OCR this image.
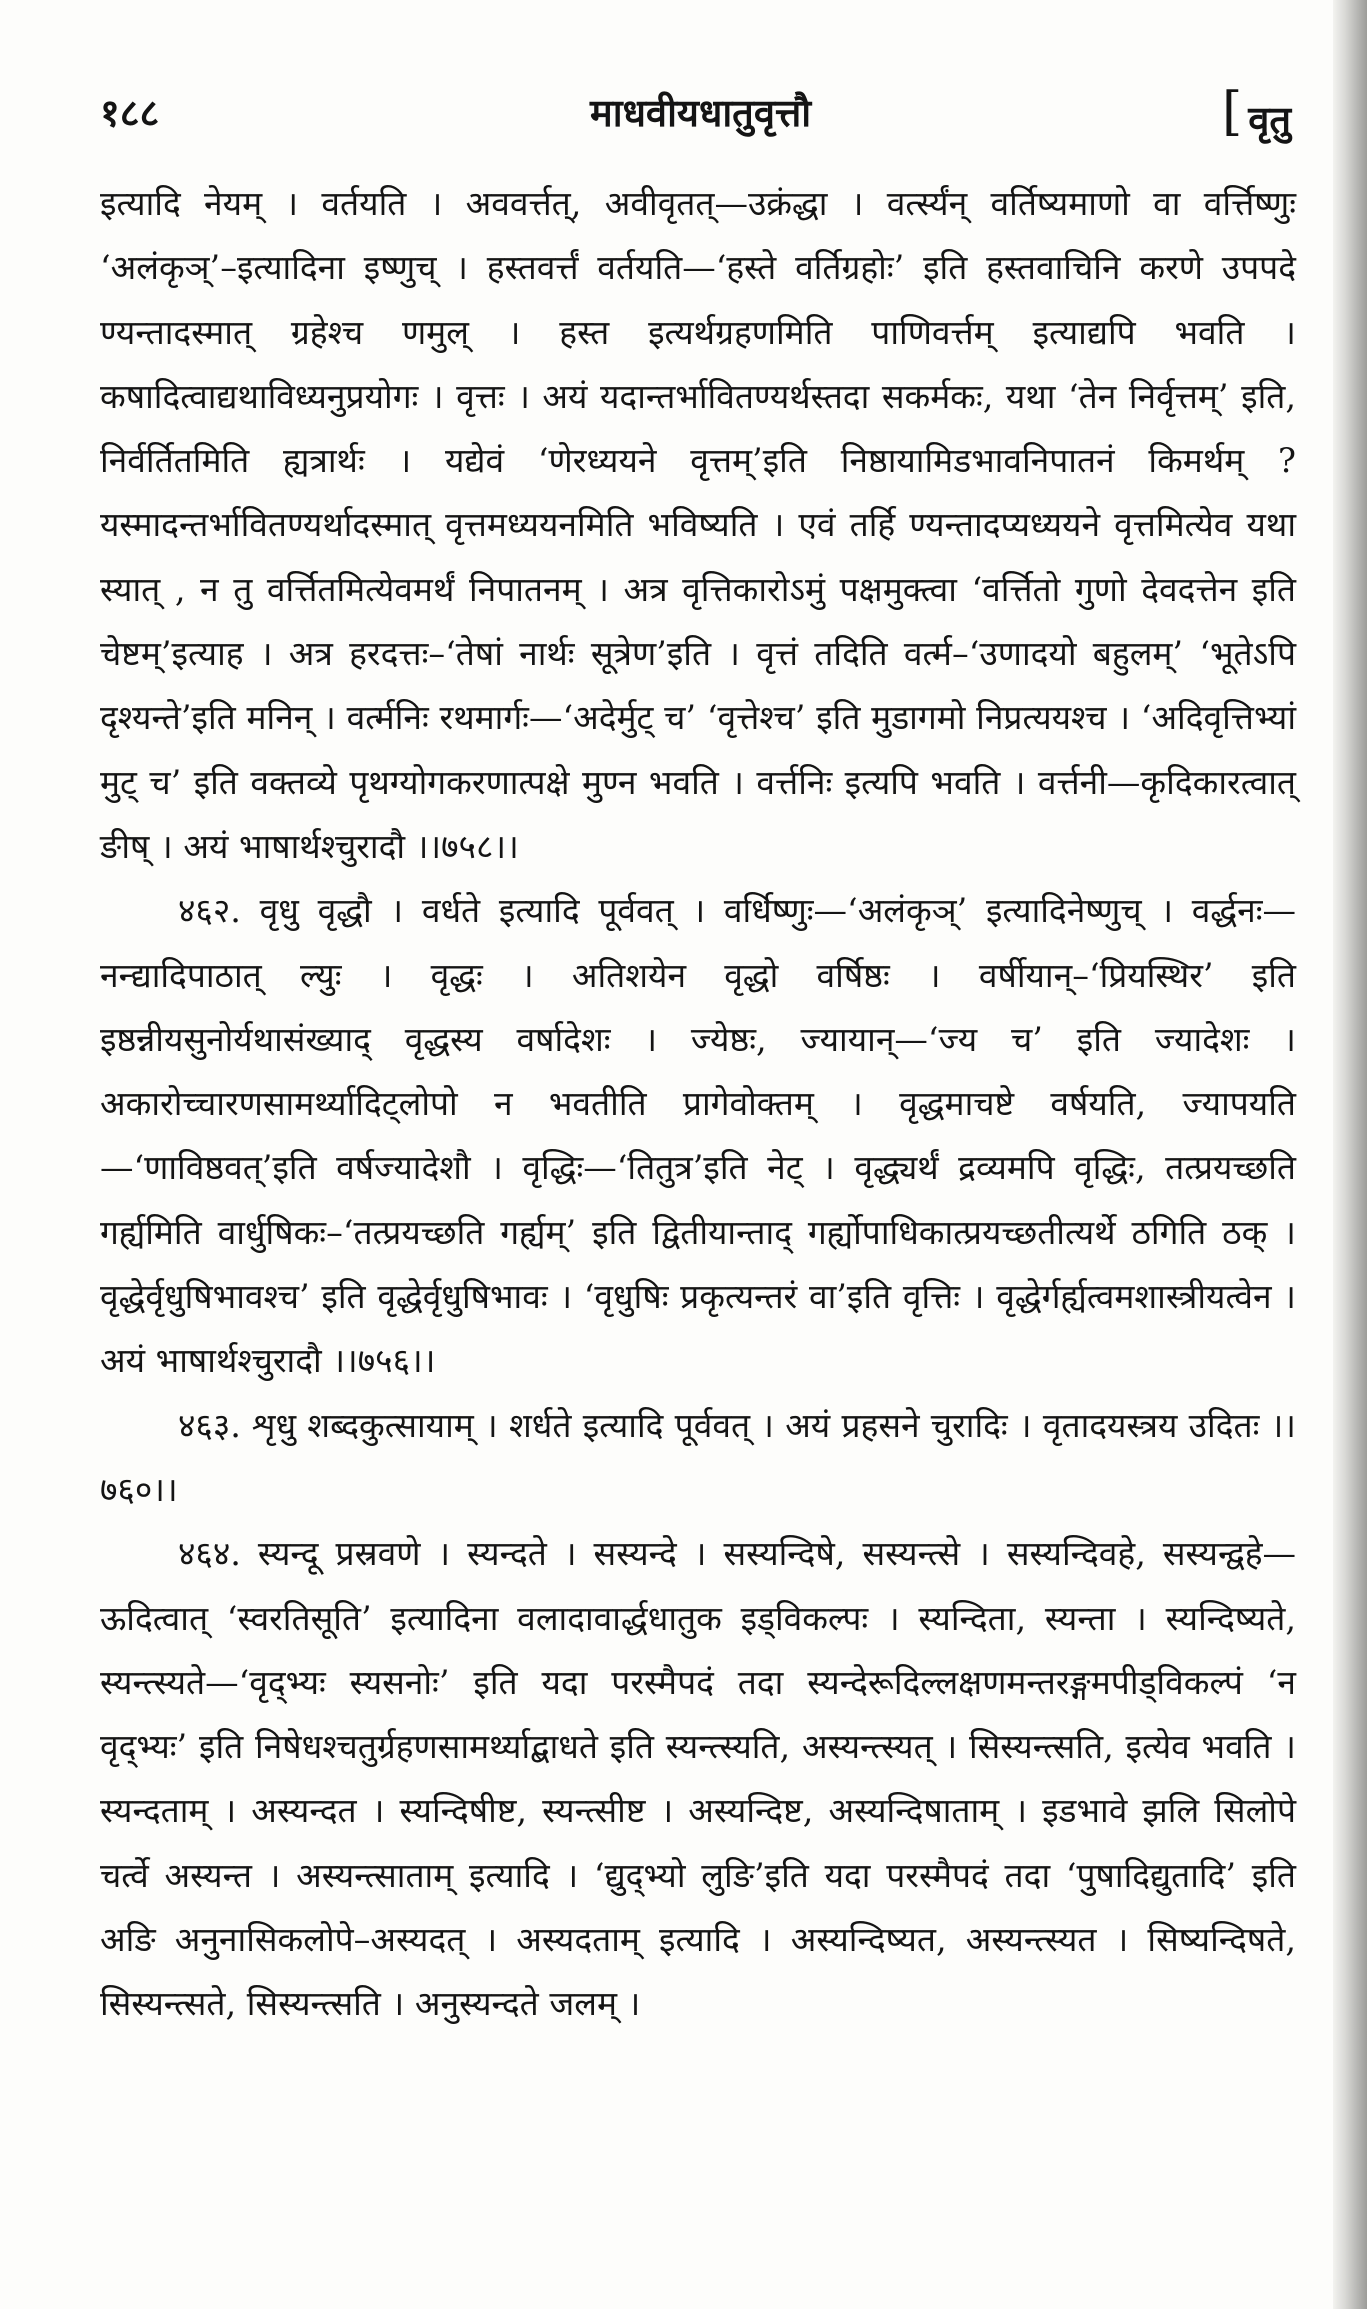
१८८	माधवीयधातुवृत्तौ	[ वृतु

इत्यादि नेयम् । वर्तयति । अववर्त्तत्, अवीवृतत्—उक्रंद्धा । वर्त्स्यंन् वर्तिष्यमाणो वा वर्त्तिष्णुः ‘अलंकृञ्’–इत्यादिना इष्णुच् । हस्तवर्त्तं वर्तयति—‘हस्ते वर्तिग्रहोः’ इति हस्तवाचिनि करणे उपपदे ण्यन्तादस्मात् ग्रहेश्च णमुल् । हस्त इत्यर्थग्रहणमिति पाणिवर्त्तम् इत्याद्यपि भवति । कषादित्वाद्यथाविध्यनुप्रयोगः । वृत्तः । अयं यदान्तर्भावितण्यर्थस्तदा सकर्मकः, यथा ‘तेन निर्वृत्तम्’ इति, निर्वर्तितमिति ह्यत्रार्थः । यद्येवं ‘णेरध्ययने वृत्तम्’इति निष्ठायामिडभावनिपातनं किमर्थम् ? यस्मादन्तर्भावितण्यर्थादस्मात् वृत्तमध्ययनमिति भविष्यति । एवं तर्हि ण्यन्तादप्यध्ययने वृत्तमित्येव यथा स्यात् , न तु वर्त्तितमित्येवमर्थं निपातनम् । अत्र वृत्तिकारोऽमुं पक्षमुक्त्वा ‘वर्त्तितो गुणो देवदत्तेन इति चेष्टम्’इत्याह । अत्र हरदत्तः–‘तेषां नार्थः सूत्रेण’इति । वृत्तं तदिति वर्त्म–‘उणादयो बहुलम्’ ‘भूतेऽपि दृश्यन्ते’इति मनिन् । वर्त्मनिः रथमार्गः—‘अदेर्मुट् च’ ‘वृत्तेश्च’ इति मुडागमो निप्रत्ययश्च । ‘अदिवृत्तिभ्यां मुट् च’ इति वक्तव्ये पृथग्योगकरणात्पक्षे मुण्न भवति । वर्त्तनिः इत्यपि भवति । वर्त्तनी—कृदिकारत्वात् ङीष् । अयं भाषार्थश्चुरादौ ।।७५८।।

४६२. वृधु वृद्धौ । वर्धते इत्यादि पूर्ववत् । वर्धिष्णुः—‘अलंकृञ्’ इत्यादिनेष्णुच् । वर्द्धनः—नन्द्यादिपाठात् ल्युः । वृद्धः । अतिशयेन वृद्धो वर्षिष्ठः । वर्षीयान्–‘प्रियस्थिर’ इति इष्ठन्नीयसुनोर्यथासंख्याद् वृद्धस्य वर्षादेशः । ज्येष्ठः, ज्यायान्—‘ज्य च’ इति ज्यादेशः । अकारोच्चारणसामर्थ्यादिट्लोपो न भवतीति प्रागेवोक्तम् । वृद्धमाचष्टे वर्षयति, ज्यापयति—‘णाविष्ठवत्’इति वर्षज्यादेशौ । वृद्धिः—‘तितुत्र’इति नेट् । वृद्ध्यर्थं द्रव्यमपि वृद्धिः, तत्प्रयच्छति गर्ह्यमिति वार्धुषिकः–‘तत्प्रयच्छति गर्ह्यम्’ इति द्वितीयान्ताद् गर्ह्योपाधिकात्प्रयच्छतीत्यर्थे ठगिति ठक् । वृद्धेर्वृधुषिभावश्च’ इति वृद्धेर्वृधुषिभावः । ‘वृधुषिः प्रकृत्यन्तरं वा’इति वृत्तिः । वृद्धेर्गर्ह्यत्वमशास्त्रीयत्वेन । अयं भाषार्थश्चुरादौ ।।७५६।।

४६३. शृधु शब्दकुत्सायाम् । शर्धते इत्यादि पूर्ववत् । अयं प्रहसने चुरादिः । वृतादयस्त्रय उदितः ।।७६०।।

४६४. स्यन्दू प्रस्रवणे । स्यन्दते । सस्यन्दे । सस्यन्दिषे, सस्यन्त्से । सस्यन्दिवहे, सस्यन्द्वहे—ऊदित्वात् ‘स्वरतिसूति’ इत्यादिना वलादावार्द्धधातुक इड्विकल्पः । स्यन्दिता, स्यन्ता । स्यन्दिष्यते, स्यन्त्स्यते—‘वृद्भ्यः स्यसनोः’ इति यदा परस्मैपदं तदा स्यन्देरूदिल्लक्षणमन्तरङ्गमपीड्विकल्पं ‘न वृद्भ्यः’ इति निषेधश्चतुर्ग्रहणसामर्थ्याद्बाधते इति स्यन्त्स्यति, अस्यन्त्स्यत् । सिस्यन्त्सति, इत्येव भवति । स्यन्दताम् । अस्यन्दत । स्यन्दिषीष्ट, स्यन्त्सीष्ट । अस्यन्दिष्ट, अस्यन्दिषाताम् । इडभावे झलि सिलोपे चर्त्वे अस्यन्त । अस्यन्त्साताम् इत्यादि । ‘द्युद्भ्यो लुङि’इति यदा परस्मैपदं तदा ‘पुषादिद्युतादि’ इति अङि अनुनासिकलोपे–अस्यदत् । अस्यदताम् इत्यादि । अस्यन्दिष्यत, अस्यन्त्स्यत । सिष्यन्दिषते, सिस्यन्त्सते, सिस्यन्त्सति । अनुस्यन्दते जलम् ।
